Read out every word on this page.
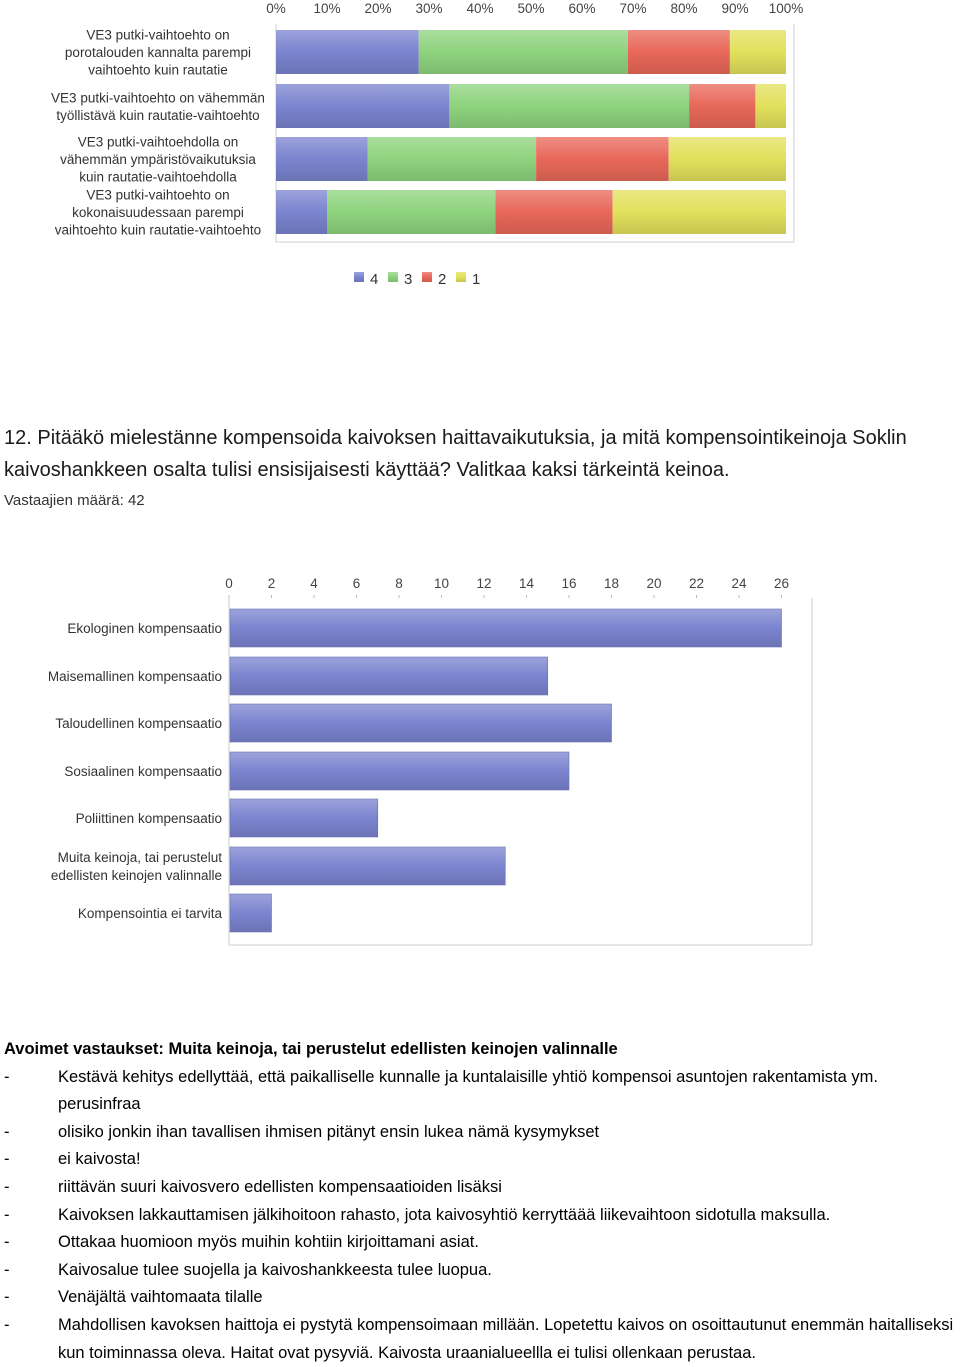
0% 10% 20% 30% 40% 50% 60% 70% 80% 90% 100%
VE3 putki-vaihtoehto on
porotalouden kannalta parempi
vaihtoehto kuin rautatie
VE3 putki-vaihtoehto on vähemmän
työllistävä kuin rautatie-vaihtoehto
VE3 putki-vaihtoehdolla on
vähemmän ympäristövaikutuksia
kuin rautatie-vaihtoehdolla
VE3 putki-vaihtoehto on
kokonaisuudessaan parempi
vaihtoehto kuin rautatie-vaihtoehto
4 3 2 1
12. Pitääkö mielestänne kompensoida kaivoksen haittavaikutuksia, ja mitä kompensointikeinoja Soklin kaivoshankkeen osalta tulisi ensisijaisesti käyttää? Valitkaa kaksi tärkeintä keinoa.
Vastaajien määrä: 42
0	2	4	6	8 10 12 14 16 18 20 22 24 26
Ekologinen kompensaatio
Maisemallinen kompensaatio
Taloudellinen kompensaatio
Sosiaalinen kompensaatio
Poliittinen kompensaatio
Muita keinoja, tai perustelut
edellisten keinojen valinnalle
Kompensointia ei tarvita
Avoimet vastaukset: Muita keinoja, tai perustelut edellisten keinojen valinnalle
-	Kestävä kehitys edellyttää, että paikalliselle kunnalle ja kuntalaisille yhtiö kompensoi asuntojen rakentamista ym. perusinfraa
-	olisiko jonkin ihan tavallisen ihmisen pitänyt ensin lukea nämä kysymykset
-	ei kaivosta!
-	riittävän suuri kaivosvero edellisten kompensaatioiden lisäksi
-	Kaivoksen lakkauttamisen jälkihoitoon rahasto, jota kaivosyhtiö kerryttäää liikevaihtoon sidotulla maksulla.
-	Ottakaa huomioon myös muihin kohtiin kirjoittamani asiat.
-	Kaivosalue tulee suojella ja kaivoshankkeesta tulee luopua.
-	Venäjältä vaihtomaata tilalle
-	Mahdollisen kavoksen haittoja ei pystytä kompensoimaan millään. Lopetettu kaivos on osoittautunut enemmän haitalliseksi kun toiminnassa oleva. Haitat ovat pysyviä. Kaivosta uraanialueellla ei tulisi ollenkaan perustaa.
